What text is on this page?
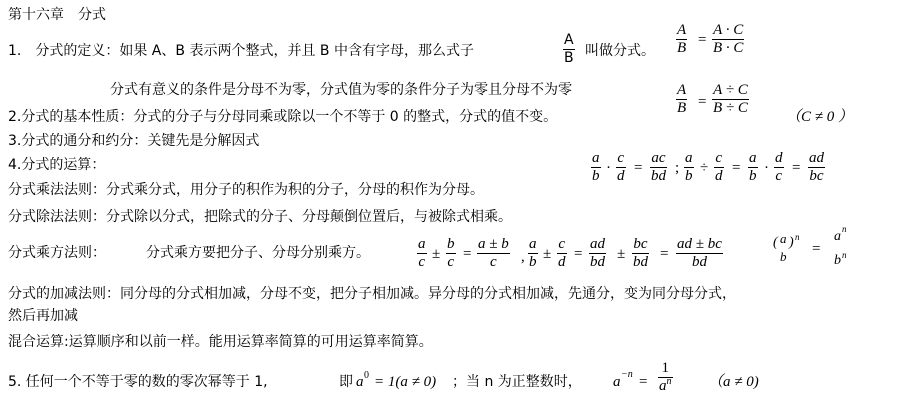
第十六章　分式
1.　分式的定义：如果 A、B 表示两个整式，并且 B 中含有字母，那么式子	$\frac{A}{B}$ 叫做分式。 $\frac{A}{B} = \frac{A \cdot C}{B \cdot C}$
分式有意义的条件是分母不为零，分式值为零的条件分子为零且分母不为零	$\frac{A}{B} = \frac{A \div C}{B \div C} (C \ne 0$ ）
2.分式的基本性质：分式的分子与分母同乘或除以一个不等于 0 的整式，分式的值不变。
3.分式的通分和约分：关键先是分解因式
4.分式的运算：	$\frac{a}{b} \cdot \frac{c}{d} = \frac{ac}{bd}$ ; $\frac{a}{b} \div \frac{c}{d} = \frac{a}{b} \cdot \frac{d}{c} = \frac{ad}{bc}$
分式乘法法则：分式乘分式，用分子的积作为积的分子，分母的积作为分母。
分式除法法则：分式除以分式，把除式的分子、分母颠倒位置后，与被除式相乘。
分式乘方法则：	分式乘方要把分子、分母分别乘方。	$\frac{a}{c} \pm \frac{b}{c} = \frac{a \pm b}{c}$ , $\frac{a}{b} \pm \frac{c}{d} = \frac{ad}{bd} \pm \frac{bc}{bd} = \frac{ad \pm bc}{bd}$	( a
b
) n
=
a n
b n
分式的加减法则：同分母的分式相加减，分母不变，把分子相加减。异分母的分式相加减，先通分，变为同分母分式，
然后再加减
混合运算:运算顺序和以前一样。能用运算率简算的可用运算率简算。
5. 任何一个不等于零的数的零次幂等于 1,	即 a 0 = 1(a ≠ 0) ；当 n 为正整数时， $a -n = \frac{1}{a^n} (a \ne 0)$
